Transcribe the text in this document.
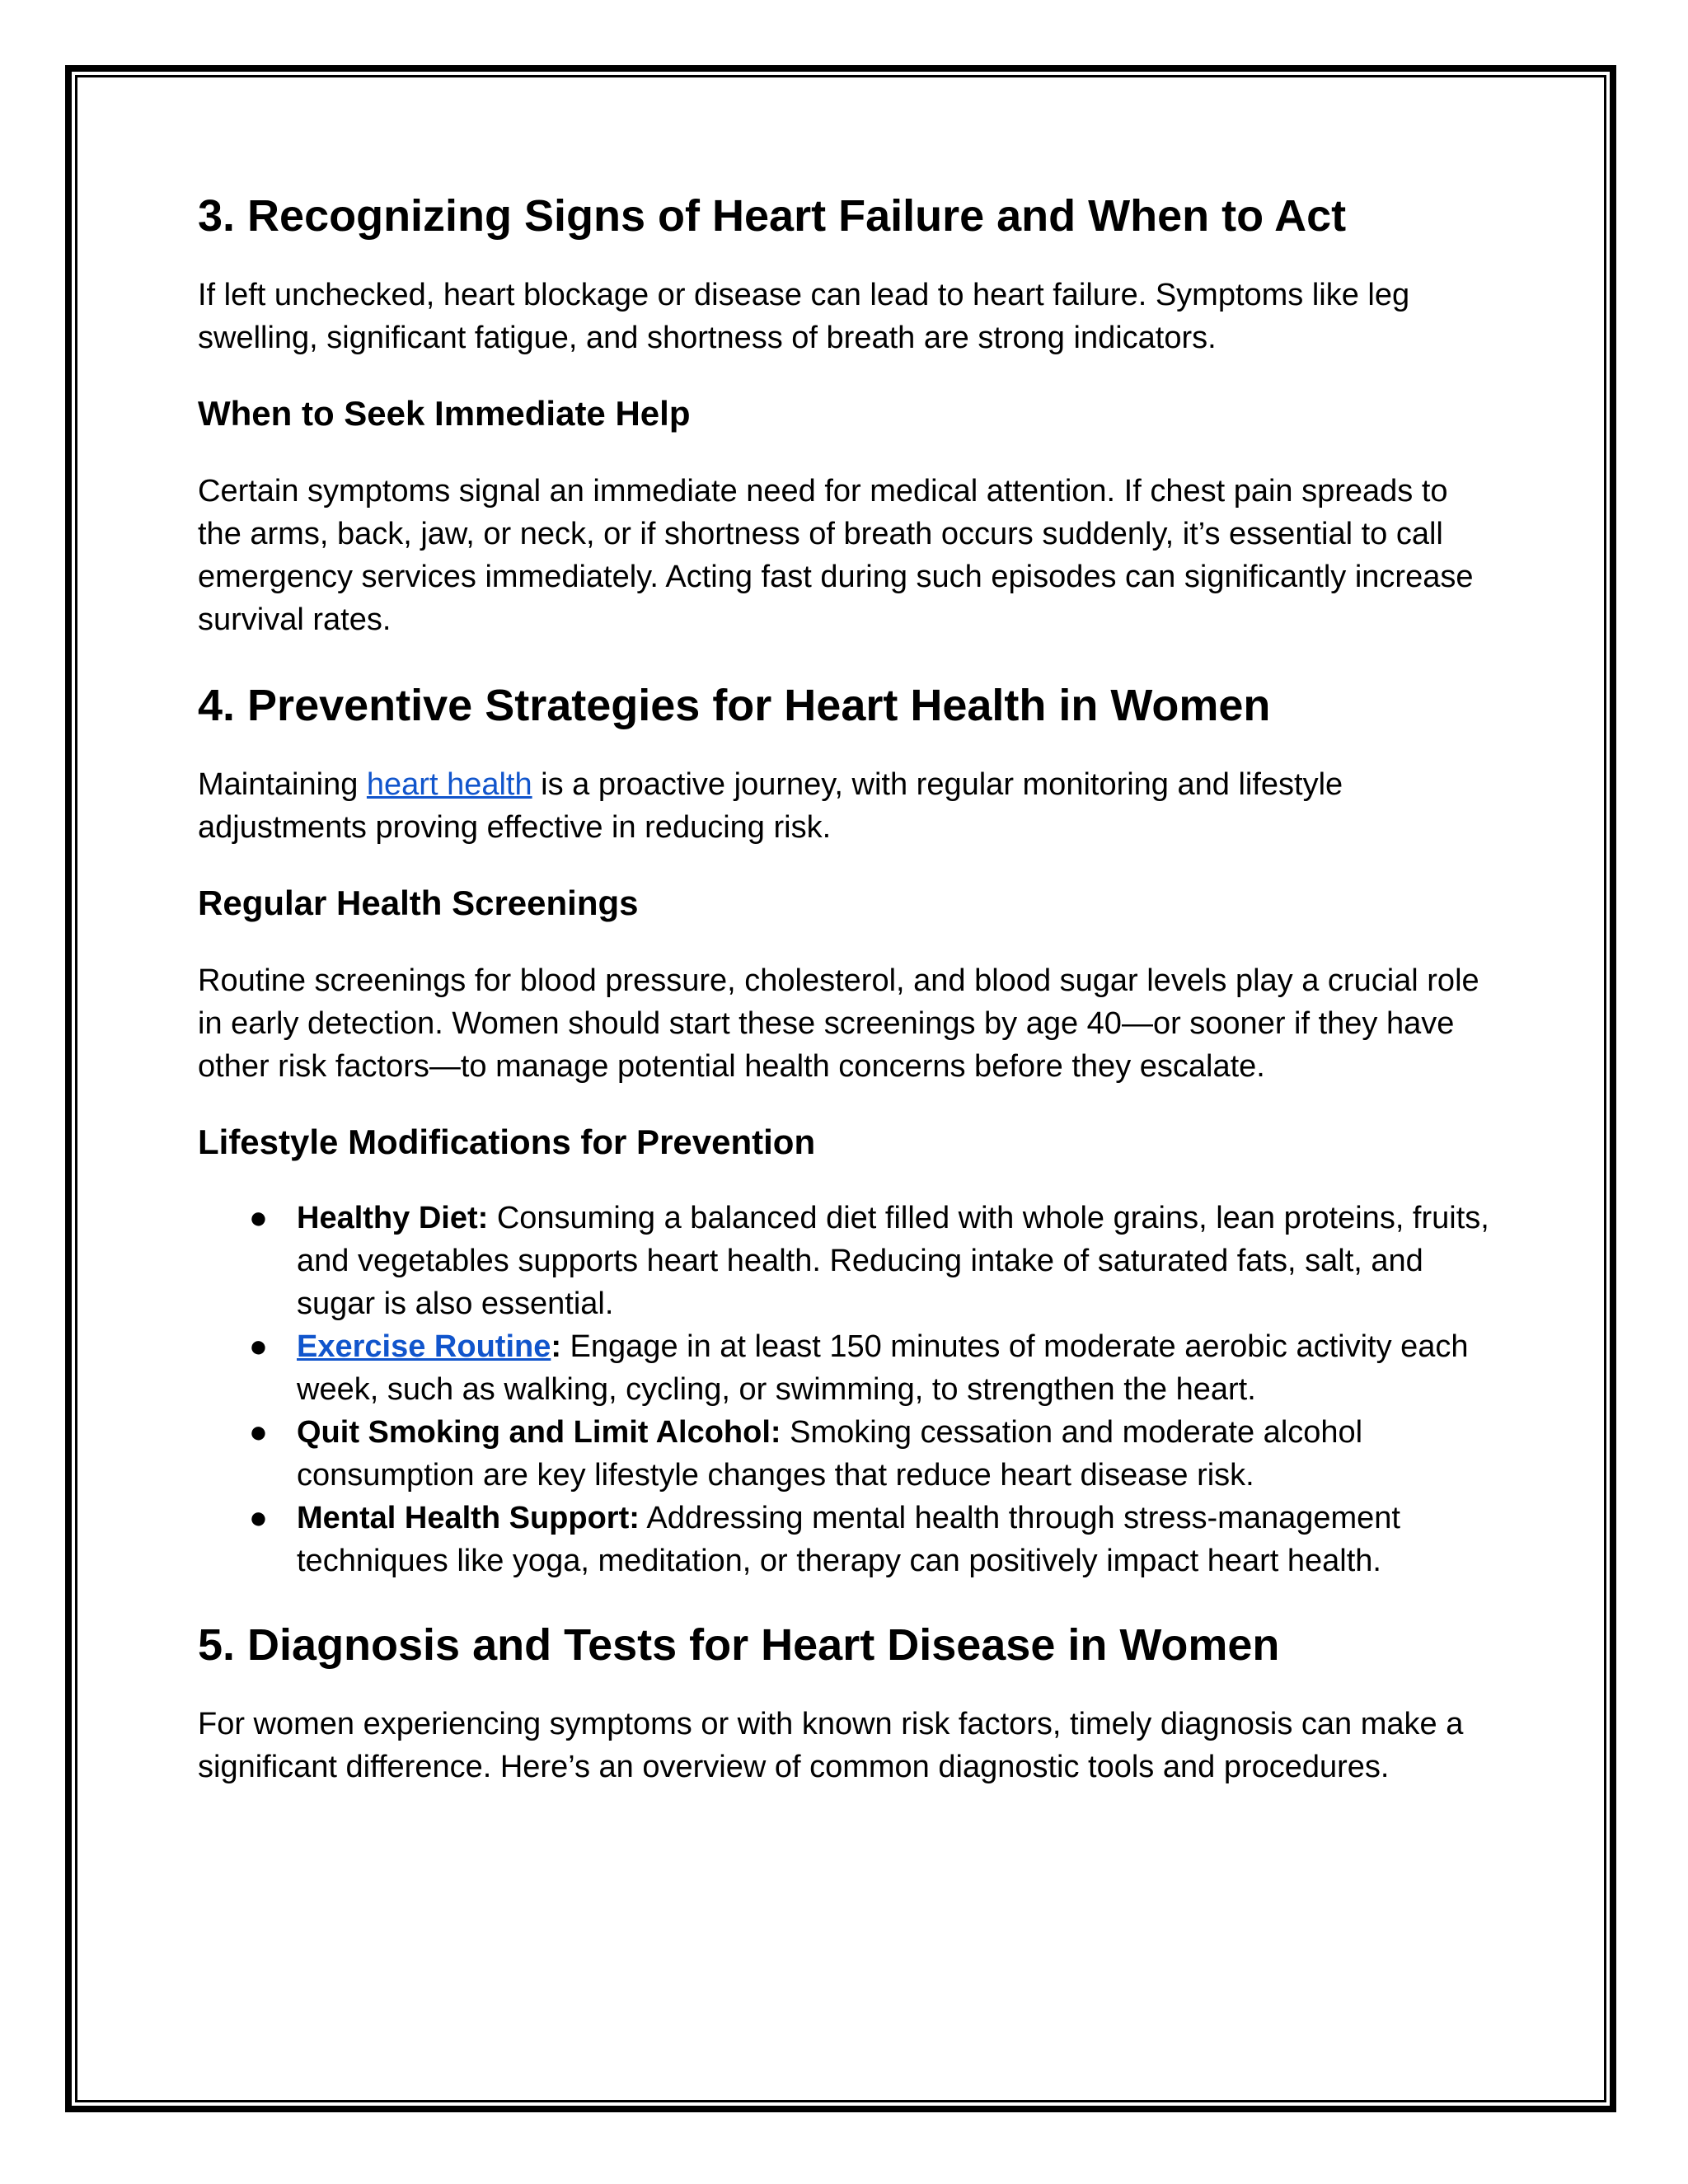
3. Recognizing Signs of Heart Failure and When to Act

If left unchecked, heart blockage or disease can lead to heart failure. Symptoms like leg swelling, significant fatigue, and shortness of breath are strong indicators.

When to Seek Immediate Help

Certain symptoms signal an immediate need for medical attention. If chest pain spreads to the arms, back, jaw, or neck, or if shortness of breath occurs suddenly, it’s essential to call emergency services immediately. Acting fast during such episodes can significantly increase survival rates.

4. Preventive Strategies for Heart Health in Women

Maintaining heart health is a proactive journey, with regular monitoring and lifestyle adjustments proving effective in reducing risk.

Regular Health Screenings

Routine screenings for blood pressure, cholesterol, and blood sugar levels play a crucial role in early detection. Women should start these screenings by age 40—or sooner if they have other risk factors—to manage potential health concerns before they escalate.

Lifestyle Modifications for Prevention
● Healthy Diet: Consuming a balanced diet filled with whole grains, lean proteins, fruits, and vegetables supports heart health. Reducing intake of saturated fats, salt, and sugar is also essential.
● Exercise Routine: Engage in at least 150 minutes of moderate aerobic activity each week, such as walking, cycling, or swimming, to strengthen the heart.
● Quit Smoking and Limit Alcohol: Smoking cessation and moderate alcohol consumption are key lifestyle changes that reduce heart disease risk.
● Mental Health Support: Addressing mental health through stress-management techniques like yoga, meditation, or therapy can positively impact heart health.
5. Diagnosis and Tests for Heart Disease in Women

For women experiencing symptoms or with known risk factors, timely diagnosis can make a significant difference. Here’s an overview of common diagnostic tools and procedures.
